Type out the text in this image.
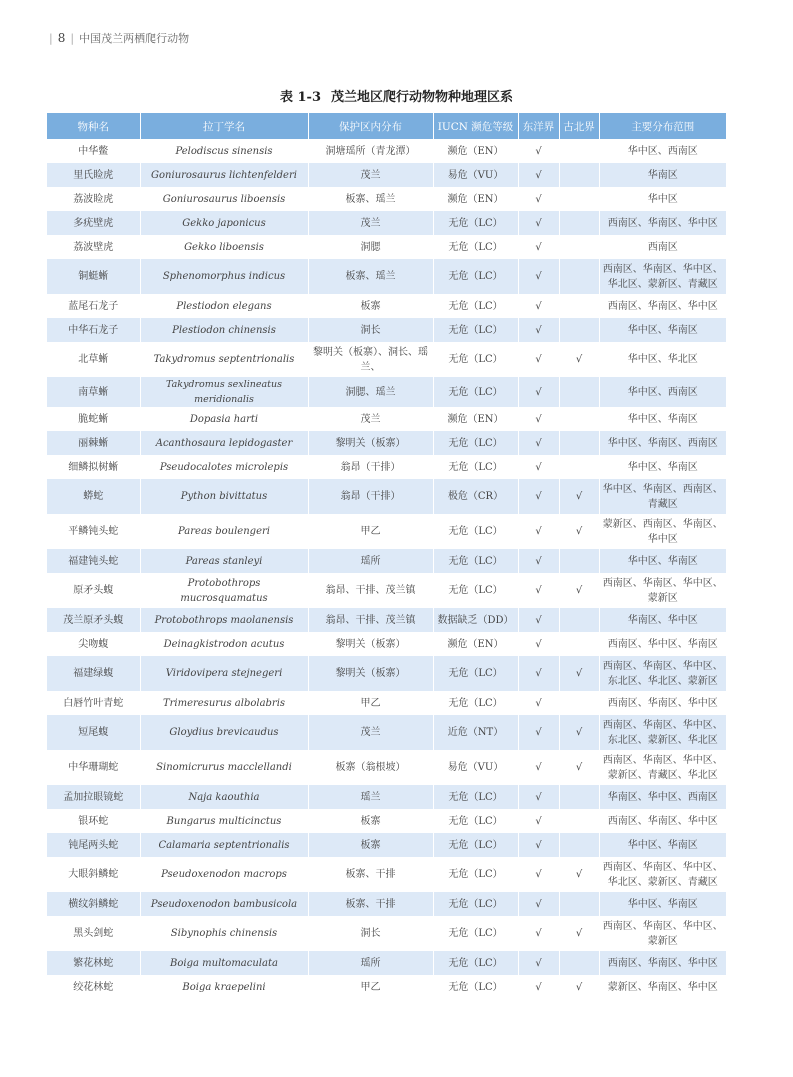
| 8 | 中国茂兰两栖爬行动物
表 1-3 茂兰地区爬行动物物种地理区系
物种名	拉丁学名	保护区内分布	IUCN 濒危等级	东洋界	古北界	主要分布范围
中华鳖	Pelodiscus sinensis	洞塘瑶所（青龙潭）	濒危（EN）	√		华中区、西南区
里氏睑虎	Goniurosaurus lichtenfelderi	茂兰	易危（VU）	√		华南区
荔波睑虎	Goniurosaurus liboensis	板寨、瑶兰	濒危（EN）	√		华中区
多疣壁虎	Gekko japonicus	茂兰	无危（LC）	√		西南区、华南区、华中区
荔波壁虎	Gekko liboensis	洞腮	无危（LC）	√		西南区
铜蜓蜥	Sphenomorphus indicus	板寨、瑶兰	无危（LC）	√		西南区、华南区、华中区、华北区、蒙新区、青藏区
蓝尾石龙子	Plestiodon elegans	板寨	无危（LC）	√		西南区、华南区、华中区
中华石龙子	Plestiodon chinensis	洞长	无危（LC）	√		华中区、华南区
北草蜥	Takydromus septentrionalis	黎明关（板寨）、洞长、瑶兰、	无危（LC）	√	√	华中区、华北区
南草蜥	Takydromus sexlineatus meridionalis	洞腮、瑶兰	无危（LC）	√		华中区、西南区
脆蛇蜥	Dopasia harti	茂兰	濒危（EN）	√		华中区、华南区
丽棘蜥	Acanthosaura lepidogaster	黎明关（板寨）	无危（LC）	√		华中区、华南区、西南区
细鳞拟树蜥	Pseudocalotes microlepis	翁昂（干排）	无危（LC）	√		华中区、华南区
蟒蛇	Python bivittatus	翁昂（干排）	极危（CR）	√	√	华中区、华南区、西南区、青藏区
平鳞钝头蛇	Pareas boulengeri	甲乙	无危（LC）	√	√	蒙新区、西南区、华南区、华中区
福建钝头蛇	Pareas stanleyi	瑶所	无危（LC）	√		华中区、华南区
原矛头蝮	Protobothrops mucrosquamatus	翁昂、干排、茂兰镇	无危（LC）	√	√	西南区、华南区、华中区、蒙新区
茂兰原矛头蝮	Protobothrops maolanensis	翁昂、干排、茂兰镇	数据缺乏（DD）	√		华南区、华中区
尖吻蝮	Deinagkistrodon acutus	黎明关（板寨）	濒危（EN）	√		西南区、华中区、华南区
福建绿蝮	Viridovipera stejnegeri	黎明关（板寨）	无危（LC）	√	√	西南区、华南区、华中区、东北区、华北区、蒙新区
白唇竹叶青蛇	Trimeresurus albolabris	甲乙	无危（LC）	√		西南区、华南区、华中区
短尾蝮	Gloydius brevicaudus	茂兰	近危（NT）	√	√	西南区、华南区、华中区、东北区、蒙新区、华北区
中华珊瑚蛇	Sinomicrurus macclellandi	板寨（翁根坡）	易危（VU）	√	√	西南区、华南区、华中区、蒙新区、青藏区、华北区
孟加拉眼镜蛇	Naja kaouthia	瑶兰	无危（LC）	√		华南区、华中区、西南区
银环蛇	Bungarus multicinctus	板寨	无危（LC）	√		西南区、华南区、华中区
钝尾两头蛇	Calamaria septentrionalis	板寨	无危（LC）	√		华中区、华南区
大眼斜鳞蛇	Pseudoxenodon macrops	板寨、干排	无危（LC）	√	√	西南区、华南区、华中区、华北区、蒙新区、青藏区
横纹斜鳞蛇	Pseudoxenodon bambusicola	板寨、干排	无危（LC）	√		华中区、华南区
黑头剑蛇	Sibynophis chinensis	洞长	无危（LC）	√	√	西南区、华南区、华中区、蒙新区
繁花林蛇	Boiga multomaculata	瑶所	无危（LC）	√		西南区、华南区、华中区
绞花林蛇	Boiga kraepelini	甲乙	无危（LC）	√	√	蒙新区、华南区、华中区
